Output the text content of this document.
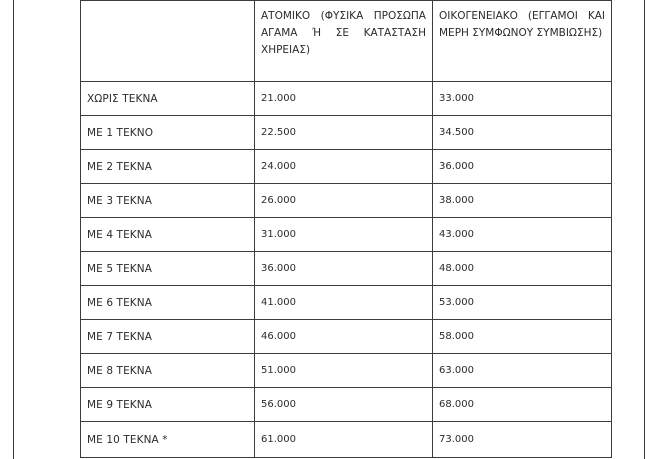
	ΑΤΟΜΙΚΟ (ΦΥΣΙΚΑ ΠΡΟΣΩΠΑ ΑΓΑΜΑ Ή ΣΕ ΚΑΤΑΣΤΑΣΗ ΧΗΡΕΙΑΣ)	ΟΙΚΟΓΕΝΕΙΑΚΟ (ΕΓΓΑΜΟΙ ΚΑΙ ΜΕΡΗ ΣΥΜΦΩΝΟΥ ΣΥΜΒΙΩΣΗΣ)
ΧΩΡΙΣ ΤΕΚΝΑ	21.000	33.000
ΜΕ 1 ΤΕΚΝΟ	22.500	34.500
ΜΕ 2 ΤΕΚΝΑ	24.000	36.000
ΜΕ 3 ΤΕΚΝΑ	26.000	38.000
ΜΕ 4 ΤΕΚΝΑ	31.000	43.000
ΜΕ 5 ΤΕΚΝΑ	36.000	48.000
ΜΕ 6 ΤΕΚΝΑ	41.000	53.000
ΜΕ 7 ΤΕΚΝΑ	46.000	58.000
ΜΕ 8 ΤΕΚΝΑ	51.000	63.000
ΜΕ 9 ΤΕΚΝΑ	56.000	68.000
ΜΕ 10 ΤΕΚΝΑ *	61.000	73.000
